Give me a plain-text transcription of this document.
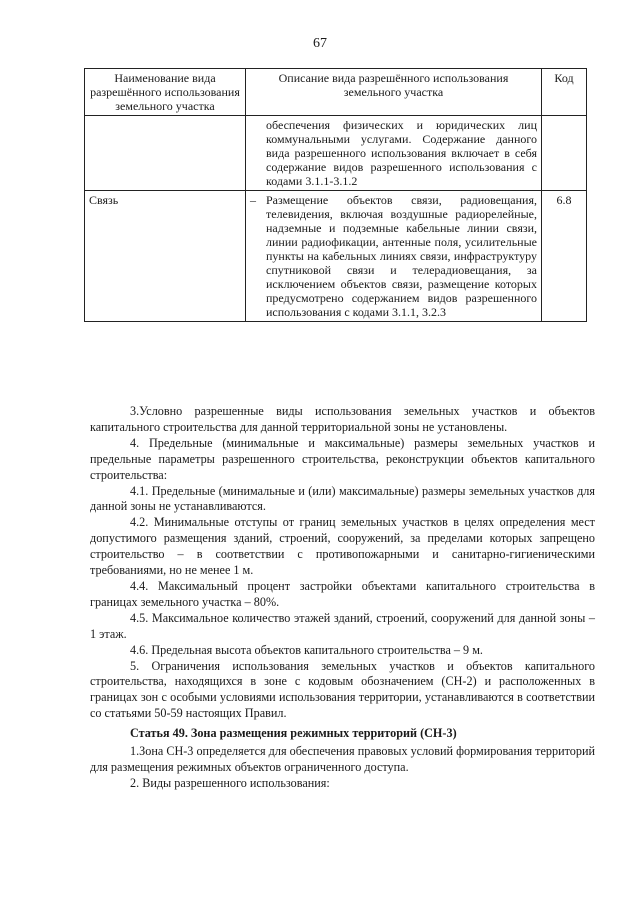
67
Наименование вида разрешённого использования земельного участка	Описание вида разрешённого использования земельного участка	Код

	обеспечения физических и юридических лиц коммунальными услугами. Содержание данного вида разрешенного использования включает в себя содержание видов разрешенного использования с кодами 3.1.1-3.1.2	

Связь	– Размещение объектов связи, радиовещания, телевидения, включая воздушные радиорелейные, надземные и подземные кабельные линии связи, линии радиофикации, антенные поля, усилительные пункты на кабельных линиях связи, инфраструктуру спутниковой связи и телерадиовещания, за исключением объектов связи, размещение которых предусмотрено содержанием видов разрешенного использования с кодами 3.1.1, 3.2.3	6.8

3.Условно разрешенные виды использования земельных участков и объектов капитального строительства для данной территориальной зоны не установлены.

4. Предельные (минимальные и максимальные) размеры земельных участков и предельные параметры разрешенного строительства, реконструкции объектов капитального строительства:

4.1. Предельные (минимальные и (или) максимальные) размеры земельных участков для данной зоны не устанавливаются.

4.2. Минимальные отступы от границ земельных участков в целях определения мест допустимого размещения зданий, строений, сооружений, за пределами которых запрещено строительство – в соответствии с противопожарными и санитарно-гигиеническими требованиями, но не менее 1 м.

4.4. Максимальный процент застройки объектами капитального строительства в границах земельного участка – 80%.

4.5. Максимальное количество этажей зданий, строений, сооружений для данной зоны – 1 этаж.

4.6. Предельная высота объектов капитального строительства – 9 м.

5. Ограничения использования земельных участков и объектов капитального строительства, находящихся в зоне с кодовым обозначением (СН-2) и расположенных в границах зон с особыми условиями использования территории, устанавливаются в соответствии со статьями 50-59 настоящих Правил.

Статья 49. Зона размещения режимных территорий (СН-3)

1.Зона СН-3 определяется для обеспечения правовых условий формирования территорий для размещения режимных объектов ограниченного доступа.

2. Виды разрешенного использования:
